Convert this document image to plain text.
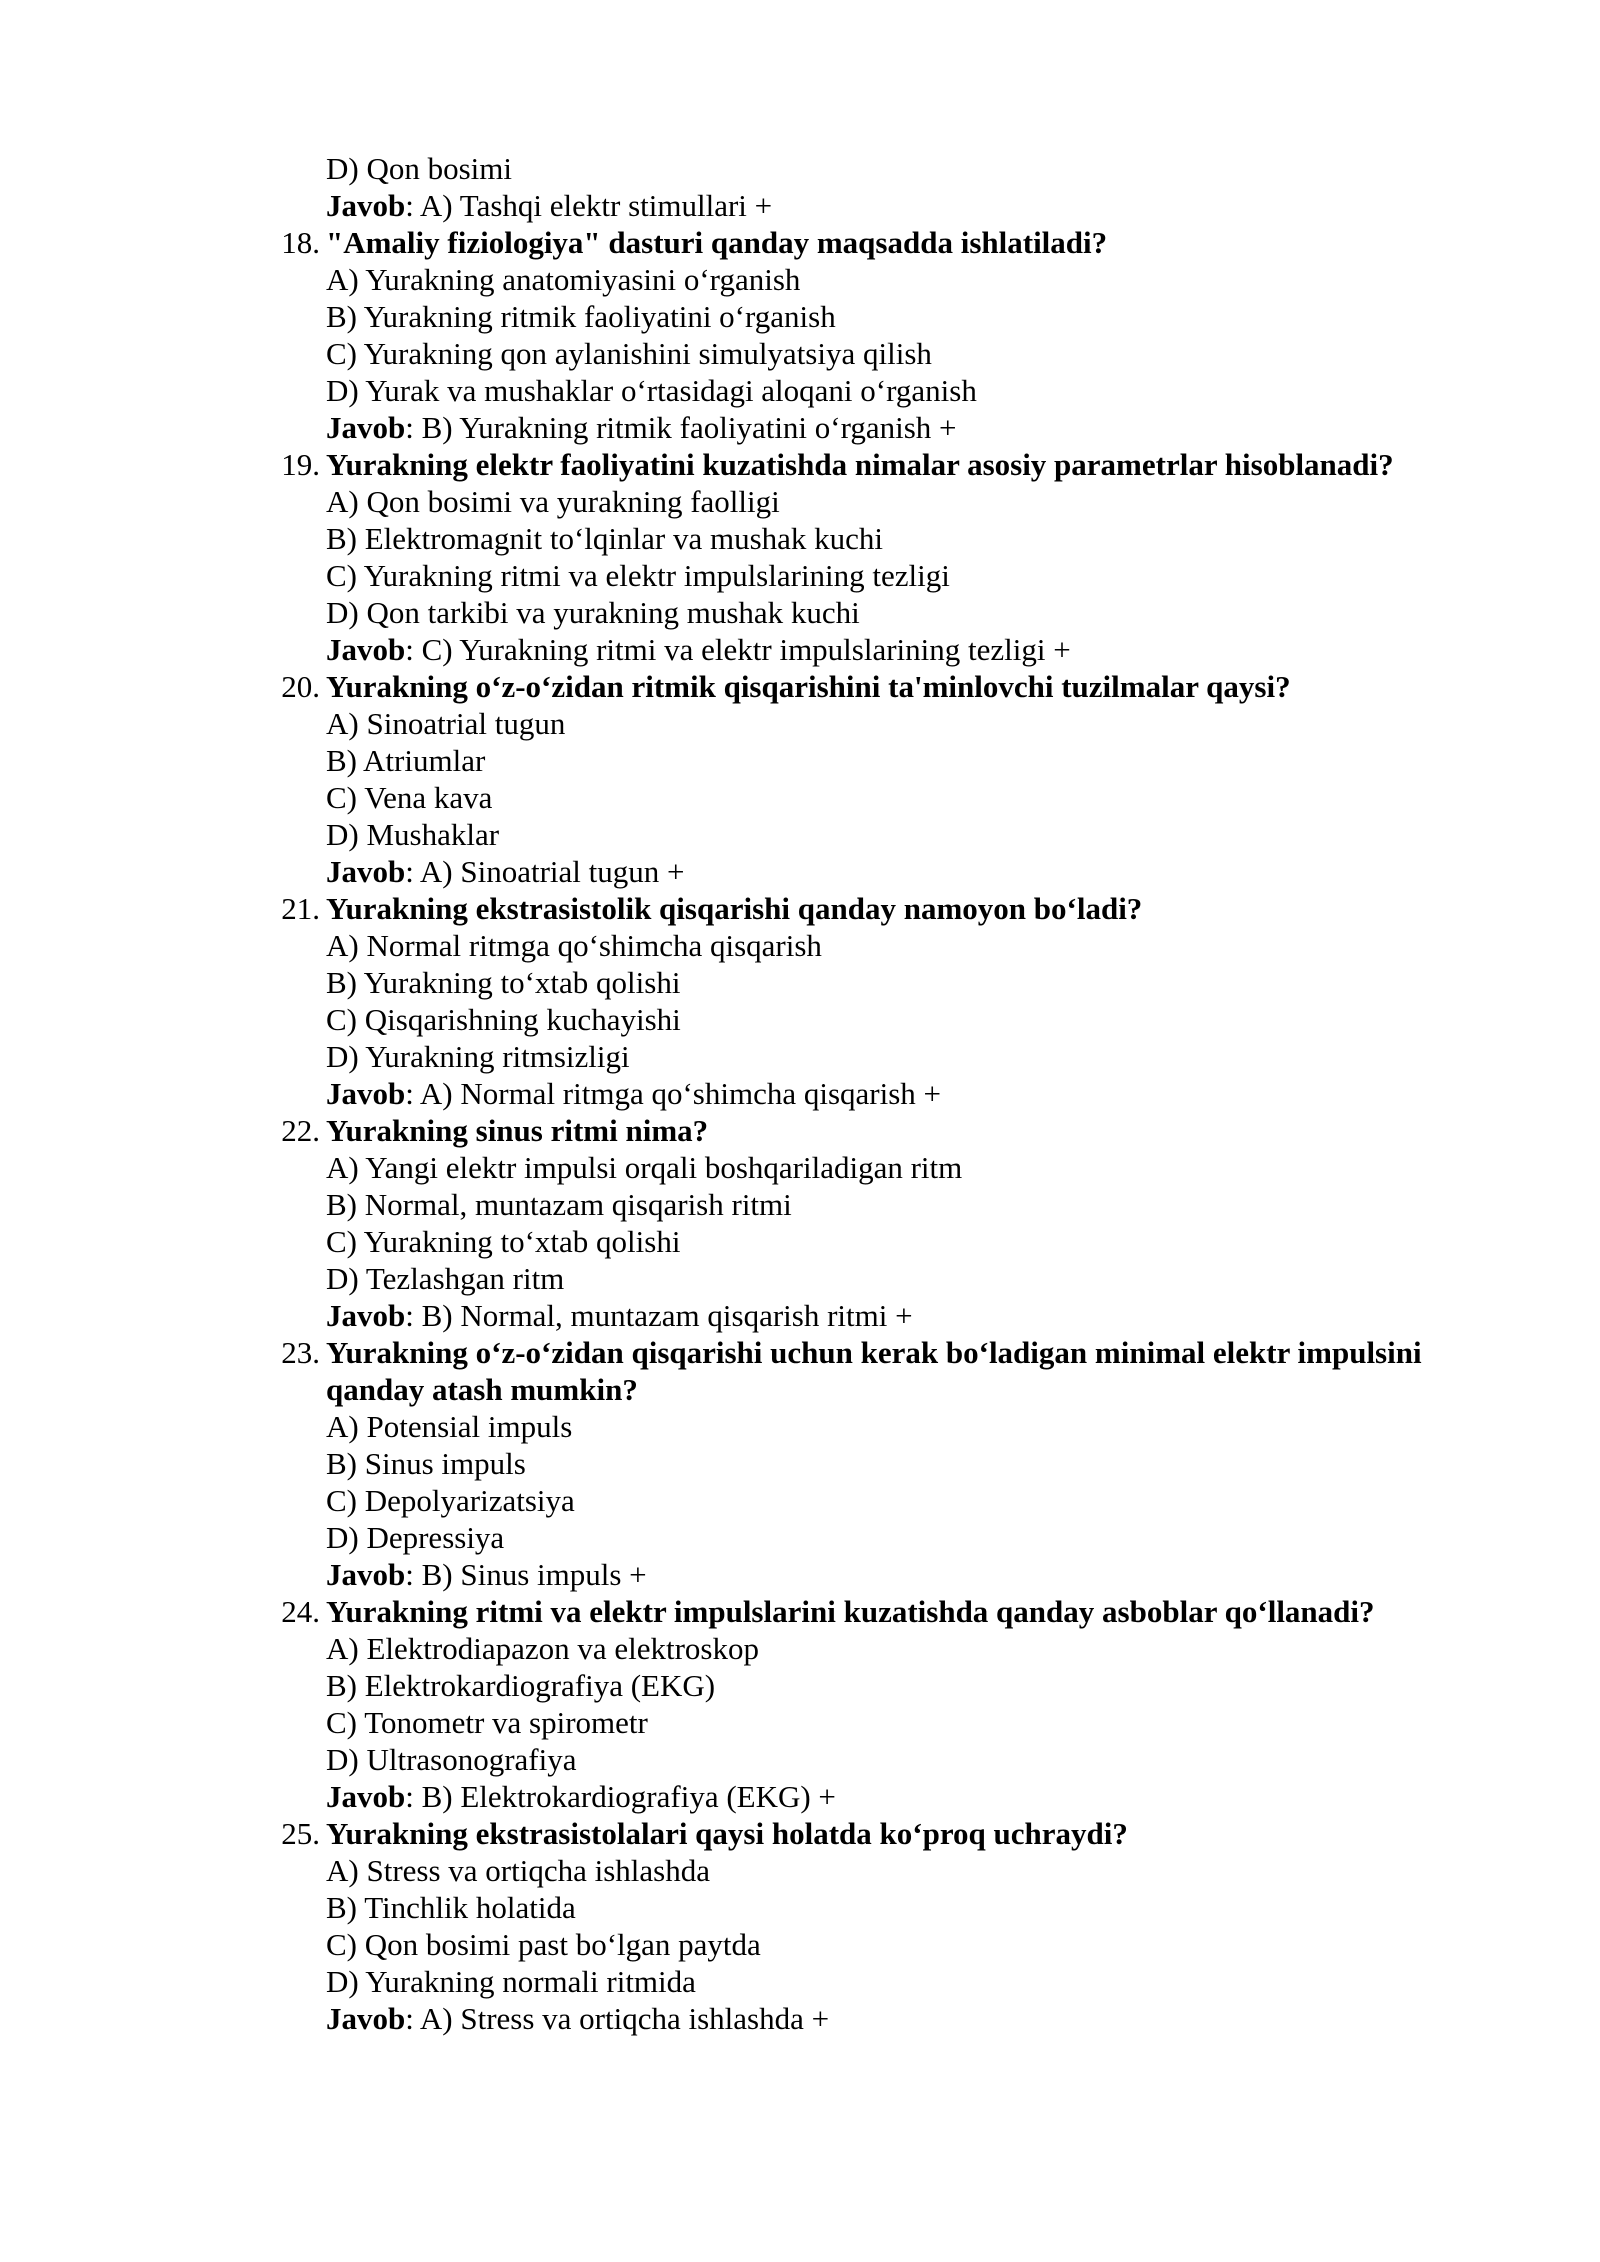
D) Qon bosimi
Javob: A) Tashqi elektr stimullari +
18. "Amaliy fiziologiya" dasturi qanday maqsadda ishlatiladi?
A) Yurakning anatomiyasini o‘rganish
B) Yurakning ritmik faoliyatini o‘rganish
C) Yurakning qon aylanishini simulyatsiya qilish
D) Yurak va mushaklar o‘rtasidagi aloqani o‘rganish
Javob: B) Yurakning ritmik faoliyatini o‘rganish +
19. Yurakning elektr faoliyatini kuzatishda nimalar asosiy parametrlar hisoblanadi?
A) Qon bosimi va yurakning faolligi
B) Elektromagnit to‘lqinlar va mushak kuchi
C) Yurakning ritmi va elektr impulslarining tezligi
D) Qon tarkibi va yurakning mushak kuchi
Javob: C) Yurakning ritmi va elektr impulslarining tezligi +
20. Yurakning o‘z-o‘zidan ritmik qisqarishini ta'minlovchi tuzilmalar qaysi?
A) Sinoatrial tugun
B) Atriumlar
C) Vena kava
D) Mushaklar
Javob: A) Sinoatrial tugun +
21. Yurakning ekstrasistolik qisqarishi qanday namoyon bo‘ladi?
A) Normal ritmga qo‘shimcha qisqarish
B) Yurakning to‘xtab qolishi
C) Qisqarishning kuchayishi
D) Yurakning ritmsizligi
Javob: A) Normal ritmga qo‘shimcha qisqarish +
22. Yurakning sinus ritmi nima?
A) Yangi elektr impulsi orqali boshqariladigan ritm
B) Normal, muntazam qisqarish ritmi
C) Yurakning to‘xtab qolishi
D) Tezlashgan ritm
Javob: B) Normal, muntazam qisqarish ritmi +
23. Yurakning o‘z-o‘zidan qisqarishi uchun kerak bo‘ladigan minimal elektr impulsini qanday atash mumkin?
A) Potensial impuls
B) Sinus impuls
C) Depolyarizatsiya
D) Depressiya
Javob: B) Sinus impuls +
24. Yurakning ritmi va elektr impulslarini kuzatishda qanday asboblar qo‘llanadi?
A) Elektrodiapazon va elektroskop
B) Elektrokardiografiya (EKG)
C) Tonometr va spirometr
D) Ultrasonografiya
Javob: B) Elektrokardiografiya (EKG) +
25. Yurakning ekstrasistolalari qaysi holatda ko‘proq uchraydi?
A) Stress va ortiqcha ishlashda
B) Tinchlik holatida
C) Qon bosimi past bo‘lgan paytda
D) Yurakning normali ritmida
Javob: A) Stress va ortiqcha ishlashda +
